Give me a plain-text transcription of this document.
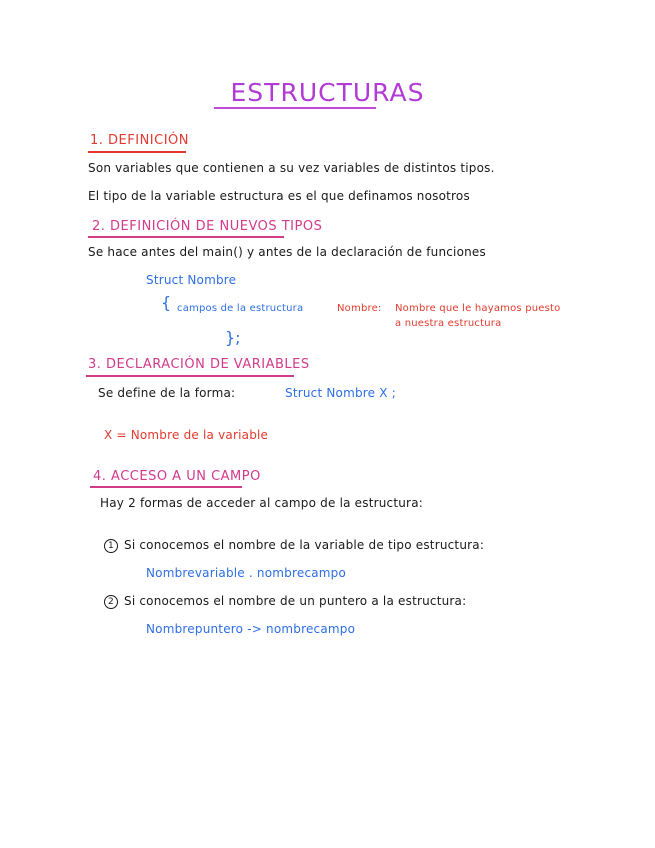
ESTRUCTURAS
1. DEFINICIÓN
Son variables que contienen a su vez variables de distintos tipos.
El tipo de la variable estructura es el que definamos nosotros
2. DEFINICIÓN DE NUEVOS TIPOS
Se hace antes del main() y antes de la declaración de funciones
Struct Nombre
{ campos de la estructura
};
Nombre: Nombre que le hayamos puesto
a nuestra estructura
3. DECLARACIÓN DE VARIABLES
Se define de la forma:	Struct Nombre X ;
X = Nombre de la variable
4. ACCESO A UN CAMPO
Hay 2 formas de acceder al campo de la estructura:
1 Si conocemos el nombre de la variable de tipo estructura:
Nombrevariable . nombrecampo
2 Si conocemos el nombre de un puntero a la estructura:
Nombrepuntero -> nombrecampo
